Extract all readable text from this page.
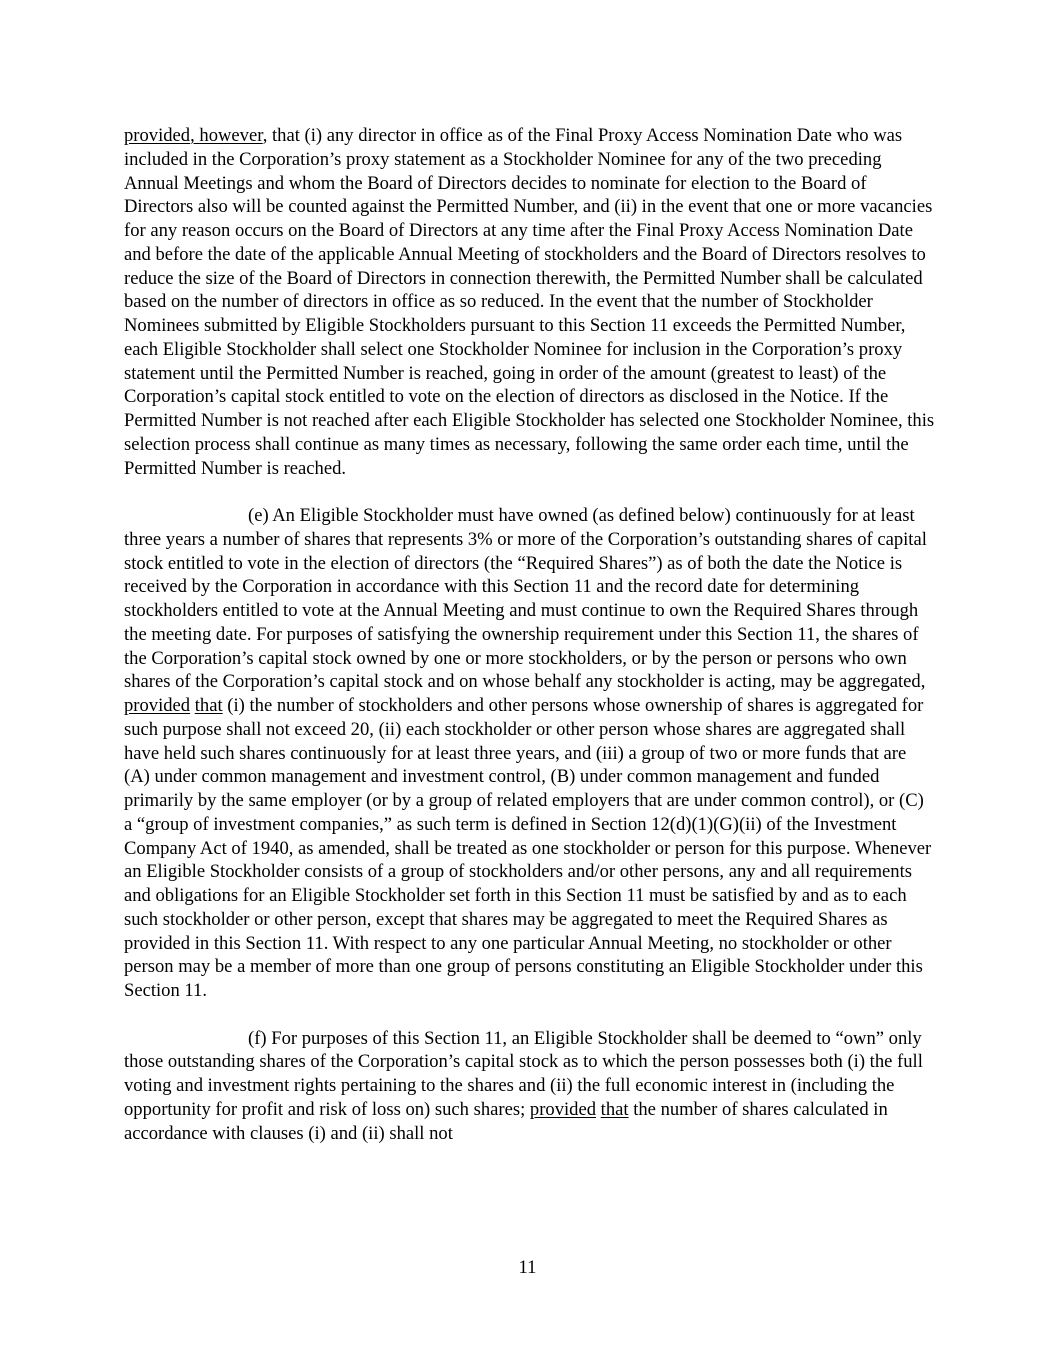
provided, however, that (i) any director in office as of the Final Proxy Access Nomination Date who was included in the Corporation’s proxy statement as a Stockholder Nominee for any of the two preceding Annual Meetings and whom the Board of Directors decides to nominate for election to the Board of Directors also will be counted against the Permitted Number, and (ii) in the event that one or more vacancies for any reason occurs on the Board of Directors at any time after the Final Proxy Access Nomination Date and before the date of the applicable Annual Meeting of stockholders and the Board of Directors resolves to reduce the size of the Board of Directors in connection therewith, the Permitted Number shall be calculated based on the number of directors in office as so reduced. In the event that the number of Stockholder Nominees submitted by Eligible Stockholders pursuant to this Section 11 exceeds the Permitted Number, each Eligible Stockholder shall select one Stockholder Nominee for inclusion in the Corporation’s proxy statement until the Permitted Number is reached, going in order of the amount (greatest to least) of the Corporation’s capital stock entitled to vote on the election of directors as disclosed in the Notice. If the Permitted Number is not reached after each Eligible Stockholder has selected one Stockholder Nominee, this selection process shall continue as many times as necessary, following the same order each time, until the Permitted Number is reached.

(e) An Eligible Stockholder must have owned (as defined below) continuously for at least three years a number of shares that represents 3% or more of the Corporation’s outstanding shares of capital stock entitled to vote in the election of directors (the “Required Shares”) as of both the date the Notice is received by the Corporation in accordance with this Section 11 and the record date for determining stockholders entitled to vote at the Annual Meeting and must continue to own the Required Shares through the meeting date. For purposes of satisfying the ownership requirement under this Section 11, the shares of the Corporation’s capital stock owned by one or more stockholders, or by the person or persons who own shares of the Corporation’s capital stock and on whose behalf any stockholder is acting, may be aggregated, provided that (i) the number of stockholders and other persons whose ownership of shares is aggregated for such purpose shall not exceed 20, (ii) each stockholder or other person whose shares are aggregated shall have held such shares continuously for at least three years, and (iii) a group of two or more funds that are (A) under common management and investment control, (B) under common management and funded primarily by the same employer (or by a group of related employers that are under common control), or (C) a “group of investment companies,” as such term is defined in Section 12(d)(1)(G)(ii) of the Investment Company Act of 1940, as amended, shall be treated as one stockholder or person for this purpose. Whenever an Eligible Stockholder consists of a group of stockholders and/or other persons, any and all requirements and obligations for an Eligible Stockholder set forth in this Section 11 must be satisfied by and as to each such stockholder or other person, except that shares may be aggregated to meet the Required Shares as provided in this Section 11. With respect to any one particular Annual Meeting, no stockholder or other person may be a member of more than one group of persons constituting an Eligible Stockholder under this Section 11.

(f) For purposes of this Section 11, an Eligible Stockholder shall be deemed to “own” only those outstanding shares of the Corporation’s capital stock as to which the person possesses both (i) the full voting and investment rights pertaining to the shares and (ii) the full economic interest in (including the opportunity for profit and risk of loss on) such shares; provided that the number of shares calculated in accordance with clauses (i) and (ii) shall not

11
